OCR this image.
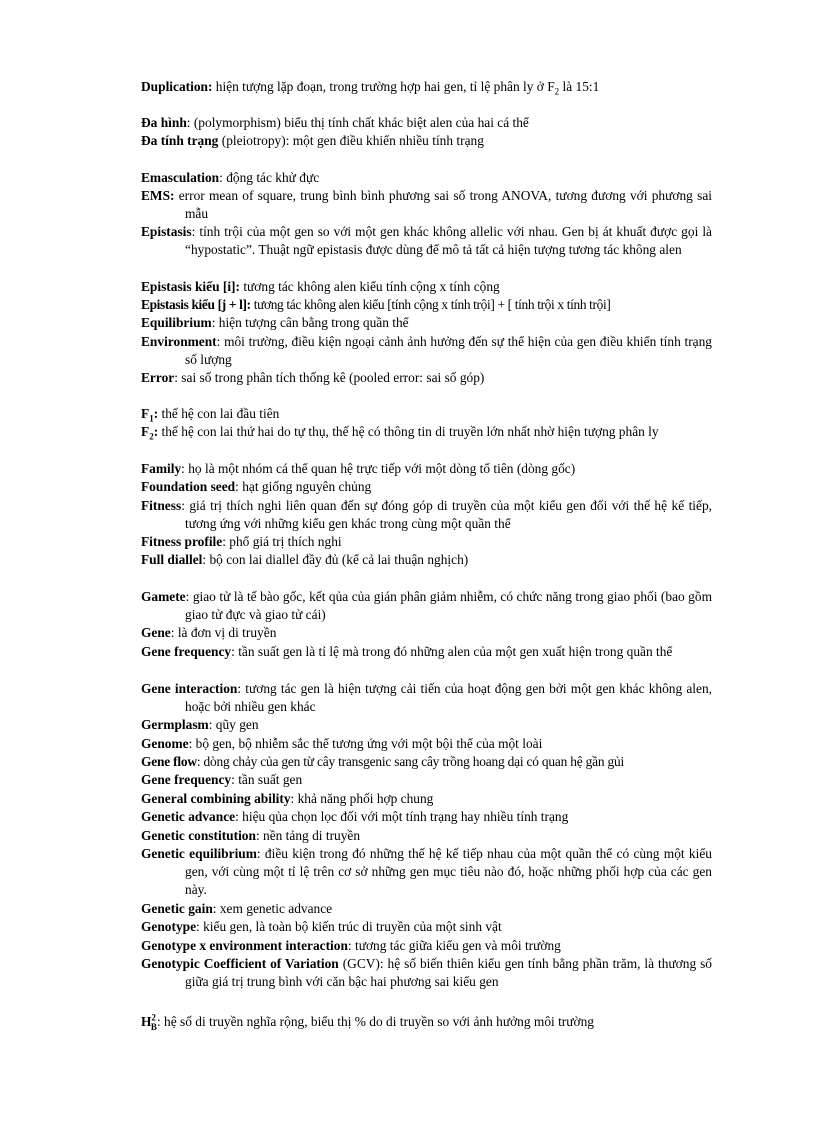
Duplication: hiện tượng lặp đoạn, trong trường hợp hai gen, tỉ lệ phân ly ở $F_2$ là 15:1
Đa hình: (polymorphism) biểu thị tính chất khác biệt alen của hai cá thể
Đa tính trạng (pleiotropy): một gen điều khiển nhiều tính trạng
Emasculation: động tác khử đực
EMS: error mean of square, trung bình bình phương sai số trong ANOVA, tương đương với phương sai mẫu
Epistasis: tính trội của một gen so với một gen khác không allelic với nhau. Gen bị át khuất được gọi là “hypostatic”. Thuật ngữ epistasis được dùng để mô tả tất cả hiện tượng tương tác không alen
Epistasis kiểu [i]: tương tác không alen kiểu tính cộng x tính cộng
Epistasis kiểu [j + l]: tương tác không alen kiểu [tính cộng x tính trội] + [ tính trội x tính trội]
Equilibrium: hiện tượng cân bằng trong quần thể
Environment: môi trường, điều kiện ngoại cảnh ảnh hưởng đến sự thể hiện của gen điều khiển tính trạng số lượng
Error: sai số trong phân tích thống kê (pooled error: sai số góp)
$F_1$: thế hệ con lai đầu tiên
$F_2$: thế hệ con lai thứ hai do tự thụ, thế hệ có thông tin di truyền lớn nhất nhờ hiện tượng phân ly
Family: họ là một nhóm cá thể quan hệ trực tiếp với một dòng tổ tiên (dòng gốc)
Foundation seed: hạt giống nguyên chủng
Fitness: giá trị thích nghi liên quan đến sự đóng góp di truyền của một kiểu gen đối với thế hệ kế tiếp, tương ứng với những kiểu gen khác trong cùng một quần thể
Fitness profile: phổ giá trị thích nghi
Full diallel: bộ con lai diallel đầy đủ (kể cả lai thuận nghịch)
Gamete: giao tử là tế bào gốc, kết qủa của gián phân giảm nhiễm, có chức năng trong giao phối (bao gồm giao tử đực và giao tử cái)
Gene: là đơn vị di truyền
Gene frequency: tần suất gen là tỉ lệ mà trong đó những alen của một gen xuất hiện trong quần thể
Gene interaction: tương tác gen là hiện tượng cải tiến của hoạt động gen bởi một gen khác không alen, hoặc bởi nhiều gen khác
Germplasm: qũy gen
Genome: bộ gen, bộ nhiễm sắc thể tương ứng với một bội thể của một loài
Gene flow: dòng chảy của gen từ cây transgenic sang cây trồng hoang dại có quan hệ gần gủi
Gene frequency: tần suất gen
General combining ability: khả năng phối hợp chung
Genetic advance: hiệu qủa chọn lọc đối với một tính trạng hay nhiều tính trạng
Genetic constitution: nền tảng di truyền
Genetic equilibrium: điều kiện trong đó những thế hệ kế tiếp nhau của một quần thể có cùng một kiểu gen, với cùng một tỉ lệ trên cơ sở những gen mục tiêu nào đó, hoặc những phối hợp của các gen này.
Genetic gain: xem genetic advance
Genotype: kiểu gen, là toàn bộ kiến trúc di truyền của một sinh vật
Genotype x environment interaction: tương tác giữa kiểu gen và môi trường
Genotypic Coefficient of Variation (GCV): hệ số biến thiên kiểu gen tính bằng phần trăm, là thương số giữa giá trị trung bình với căn bậc hai phương sai kiểu gen
$H^2_B$: hệ số di truyền nghĩa rộng, biểu thị % do di truyền so với ảnh hưởng môi trường
